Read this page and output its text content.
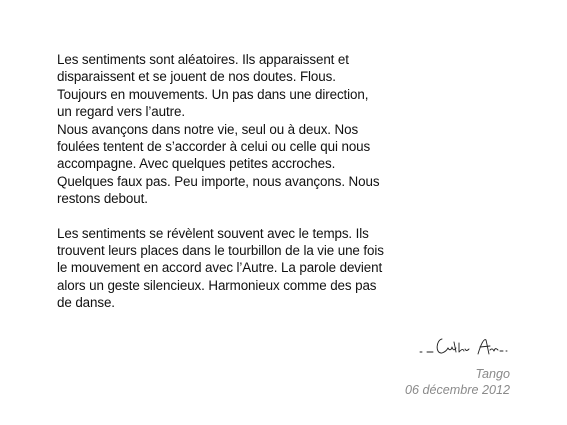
Les sentiments sont aléatoires. Ils apparaissent et
disparaissent et se jouent de nos doutes. Flous.
Toujours en mouvements. Un pas dans une direction,
un regard vers l’autre.
Nous avançons dans notre vie, seul ou à deux. Nos
foulées tentent de s’accorder à celui ou celle qui nous
accompagne. Avec quelques petites accroches.
Quelques faux pas. Peu importe, nous avançons. Nous
restons debout.
Les sentiments se révèlent souvent avec le temps. Ils
trouvent leurs places dans le tourbillon de la vie une fois
le mouvement en accord avec l’Autre. La parole devient
alors un geste silencieux. Harmonieux comme des pas
de danse.
Tango
06 décembre 2012
